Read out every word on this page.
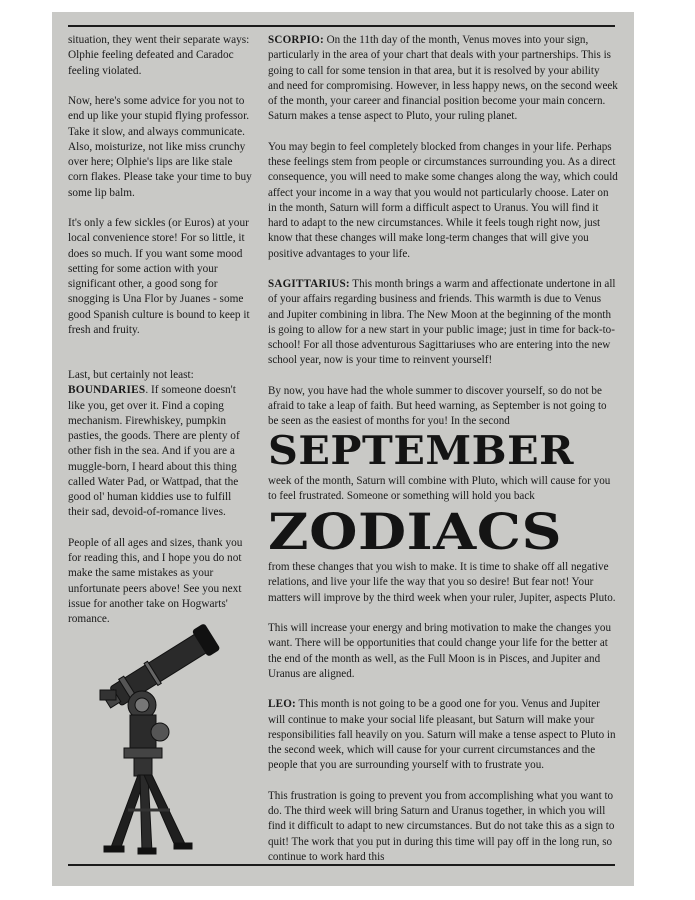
situation, they went their separate ways: Olphie feeling defeated and Caradoc feeling violated.

Now, here's some advice for you not to end up like your stupid flying professor. Take it slow, and always communicate. Also, moisturize, not like miss crunchy over here; Olphie's lips are like stale corn flakes. Please take your time to buy some lip balm.

It's only a few sickles (or Euros) at your local convenience store! For so little, it does so much. If you want some mood setting for some action with your significant other, a good song for snogging is Una Flor by Juanes - some good Spanish culture is bound to keep it fresh and fruity.

Last, but certainly not least:
BOUNDARIES. If someone doesn't like you, get over it. Find a coping mechanism. Firewhiskey, pumpkin pasties, the goods. There are plenty of other fish in the sea. And if you are a muggle-born, I heard about this thing called Water Pad, or Wattpad, that the good ol' human kiddies use to fulfill their sad, devoid-of-romance lives.

People of all ages and sizes, thank you for reading this, and I hope you do not make the same mistakes as your unfortunate peers above! See you next issue for another take on Hogwarts' romance.

SCORPIO: On the 11th day of the month, Venus moves into your sign, particularly in the area of your chart that deals with your partnerships. This is going to call for some tension in that area, but it is resolved by your ability and need for compromising. However, in less happy news, on the second week of the month, your career and financial position become your main concern. Saturn makes a tense aspect to Pluto, your ruling planet.

You may begin to feel completely blocked from changes in your life. Perhaps these feelings stem from people or circumstances surrounding you. As a direct consequence, you will need to make some changes along the way, which could affect your income in a way that you would not particularly choose. Later on in the month, Saturn will form a difficult aspect to Uranus. You will find it hard to adapt to the new circumstances. While it feels tough right now, just know that these changes will make long-term changes that will give you positive advantages to your life.

SAGITTARIUS: This month brings a warm and affectionate undertone in all of your affairs regarding business and friends. This warmth is due to Venus and Jupiter combining in libra. The New Moon at the beginning of the month is going to allow for a new start in your public image; just in time for back-to-school! For all those adventurous Sagittariuses who are entering into the new school year, now is your time to reinvent yourself!

By now, you have had the whole summer to discover yourself, so do not be afraid to take a leap of faith. But heed warning, as September is not going to be seen as the easiest of months for you! In the second

SEPTEMBER

week of the month, Saturn will combine with Pluto, which will cause for you to feel frustrated. Someone or something will hold you back

ZODIACS

from these changes that you wish to make. It is time to shake off all negative relations, and live your life the way that you so desire! But fear not! Your matters will improve by the third week when your ruler, Jupiter, aspects Pluto.

This will increase your energy and bring motivation to make the changes you want. There will be opportunities that could change your life for the better at the end of the month as well, as the Full Moon is in Pisces, and Jupiter and Uranus are aligned.

LEO: This month is not going to be a good one for you. Venus and Jupiter will continue to make your social life pleasant, but Saturn will make your responsibilities fall heavily on you. Saturn will make a tense aspect to Pluto in the second week, which will cause for your current circumstances and the people that you are surrounding yourself with to frustrate you.

This frustration is going to prevent you from accomplishing what you want to do. The third week will bring Saturn and Uranus together, in which you will find it difficult to adapt to new circumstances. But do not take this as a sign to quit! The work that you put in during this time will pay off in the long run, so continue to work hard this
